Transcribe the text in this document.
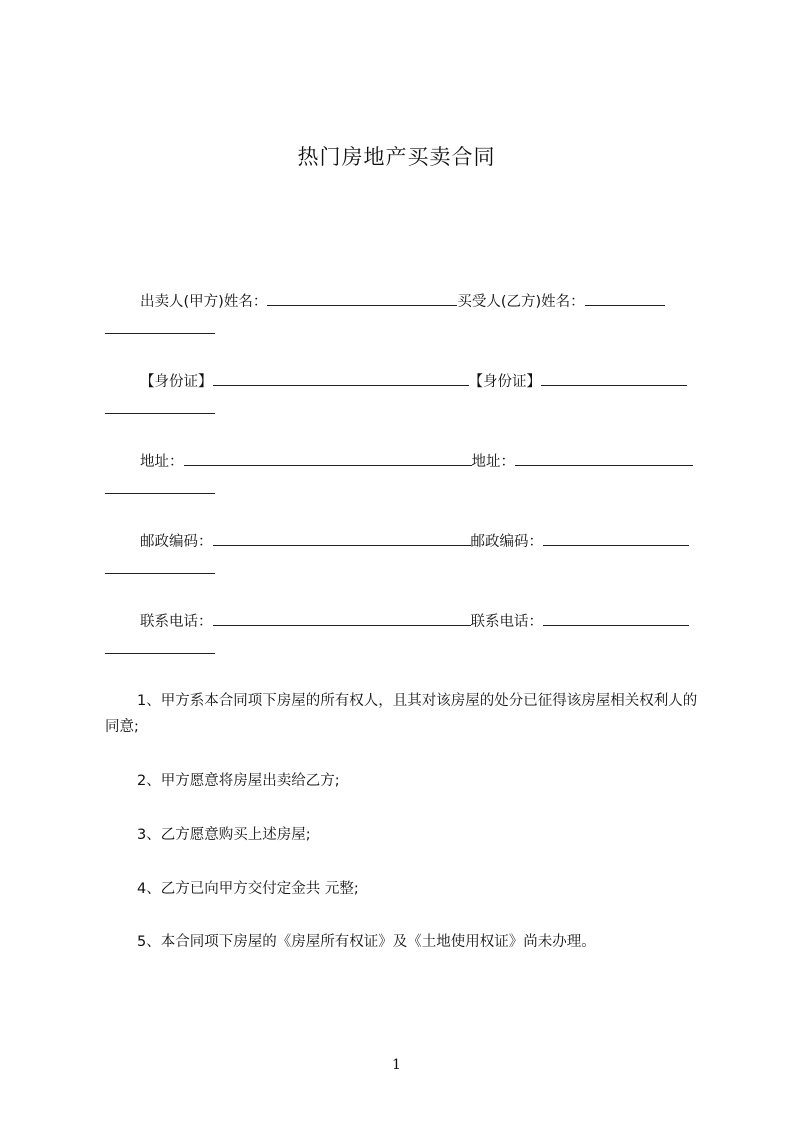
热门房地产买卖合同
出卖人(甲方)姓名：	买受人(乙方)姓名：
【身份证】	【身份证】
地址：	地址：
邮政编码：	邮政编码：
联系电话：	联系电话：
1、甲方系本合同项下房屋的所有权人，且其对该房屋的处分已征得该房屋相关权利人的同意;
2、甲方愿意将房屋出卖给乙方;
3、乙方愿意购买上述房屋;
4、乙方已向甲方交付定金共 元整;
5、本合同项下房屋的《房屋所有权证》及《土地使用权证》尚未办理。
1
